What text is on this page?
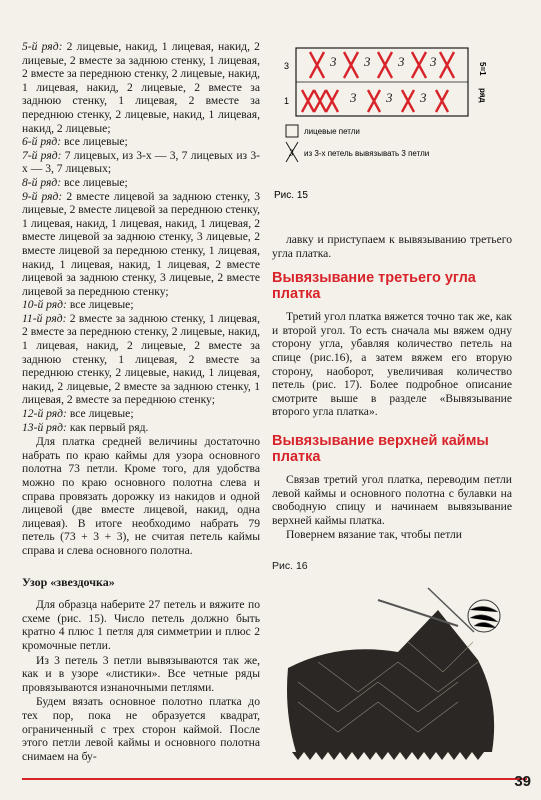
5-й ряд: 2 лицевые, накид, 1 лицевая, накид, 2 лицевые, 2 вместе за заднюю стенку, 1 лицевая, 2 вместе за переднюю стенку, 2 лицевые, накид, 1 лицевая, накид, 2 лицевые, 2 вместе за заднюю стенку, 1 лицевая, 2 вместе за переднюю стенку, 2 лицевые, накид, 1 лицевая, накид, 2 лицевые;

6-й ряд: все лицевые;

7-й ряд: 7 лицевых, из 3-х — 3, 7 лицевых из 3-х — 3, 7 лицевых;

8-й ряд: все лицевые;

9-й ряд: 2 вместе лицевой за заднюю стенку, 3 лицевые, 2 вместе лицевой за переднюю стенку, 1 лицевая, накид, 1 лицевая, накид, 1 лицевая, 2 вместе лицевой за заднюю стенку, 3 лицевые, 2 вместе лицевой за переднюю стенку, 1 лицевая, накид, 1 лицевая, накид, 1 лицевая, 2 вместе лицевой за заднюю стенку, 3 лицевые, 2 вместе лицевой за переднюю стенку;

10-й ряд: все лицевые;

11-й ряд: 2 вместе за заднюю стенку, 1 лицевая, 2 вместе за переднюю стенку, 2 лицевые, накид, 1 лицевая, накид, 2 лицевые, 2 вместе за заднюю стенку, 1 лицевая, 2 вместе за переднюю стенку, 2 лицевые, накид, 1 лицевая, накид, 2 лицевые, 2 вместе за заднюю стенку, 1 лицевая, 2 вместе за переднюю стенку;

12-й ряд: все лицевые;

13-й ряд: как первый ряд.

Для платка средней величины достаточно набрать по краю каймы для узора основного полотна 73 петли. Кроме того, для удобства можно по краю основного полотна слева и справа провязать дорожку из накидов и одной лицевой (две вместе лицевой, накид, одна лицевая). В итоге необходимо набрать 79 петель (73 + 3 + 3), не считая петель каймы справа и слева основного полотна.

Узор «звездочка»

Для образца наберите 27 петель и вяжите по схеме (рис. 15). Число петель должно быть кратно 4 плюс 1 петля для симметрии и плюс 2 кромочные петли.

Из 3 петель 3 петли вывязываются так же, как и в узоре «листики». Все четные ряды провязываются изнаночными петлями.

Будем вязать основное полотно платка до тех пор, пока не образуется квадрат, ограниченный с трех сторон каймой. После этого петли левой каймы и основного полотна снимаем на бу-

3 3 3 3
3 3 3
3
1
5=1
ряд
лицевые петли
3 из 3-х петель вывязывать 3 петли
Рис. 15

лавку и приступаем к вывязыванию третьего угла платка.

Вывязывание третьего угла платка

Третий угол платка вяжется точно так же, как и второй угол. То есть сначала мы вяжем одну сторону угла, убавляя количество петель на спице (рис.16), а затем вяжем его вторую сторону, наоборот, увеличивая количество петель (рис. 17). Более подробное описание смотрите выше в разделе «Вывязывание второго угла платка».

Вывязывание верхней каймы платка

Связав третий угол платка, переводим петли левой каймы и основного полотна с булавки на свободную спицу и начинаем вывязывание верхней каймы платка.

Повернем вязание так, чтобы петли

Рис. 16
39
